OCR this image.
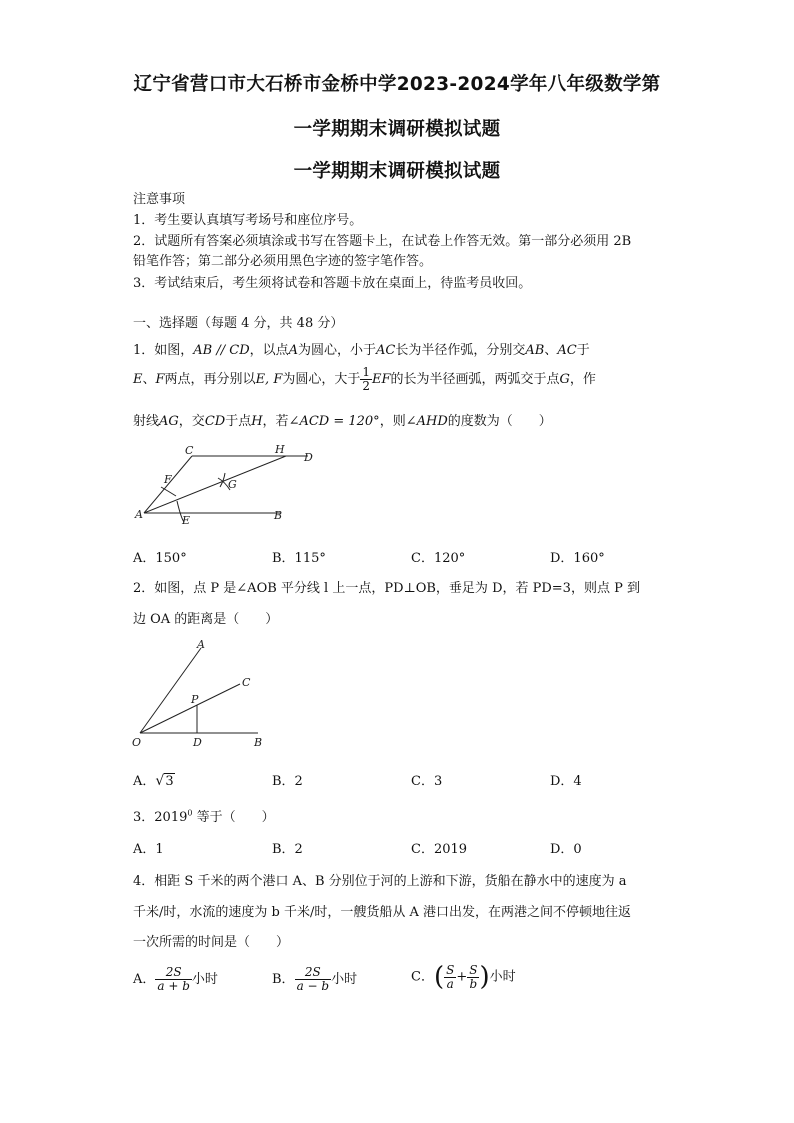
辽宁省营口市大石桥市金桥中学2023-2024学年八年级数学第
一学期期末调研模拟试题
一学期期末调研模拟试题
注意事项
1．考生要认真填写考场号和座位序号。
2．试题所有答案必须填涂或书写在答题卡上，在试卷上作答无效。第一部分必须用 2B
铅笔作答；第二部分必须用黑色字迹的签字笔作答。
3．考试结束后，考生须将试卷和答题卡放在桌面上，待监考员收回。
一、选择题（每题 4 分，共 48 分）
1．如图，AB // CD，以点A为圆心，小于AC长为半径作弧，分别交AB、AC于
E、F两点，再分别以E, F为圆心，大于 $\frac{1}{2}$ EF的长为半径画弧，两弧交于点G，作
射线AG，交CD于点H，若∠ACD = 120°，则∠AHD的度数为（　　）
A	B
C
D
E
F	G
H
A．150°	B．115°	C．120°	D．160°
2．如图，点 P 是∠AOB 平分线 l 上一点，PD⊥OB，垂足为 D，若 PD=3，则点 P 到
边 OA 的距离是（　　）
A
C
P
O	D	B
A．√3	B．2	C．3	D．4
3．2019$^0$ 等于（　　）
A．1	B．2	C．2019	D．0
4．相距 S 千米的两个港口 A、B 分别位于河的上游和下游，货船在静水中的速度为 a
千米/时，水流的速度为 b 千米/时，一艘货船从 A 港口出发，在两港之间不停顿地往返
一次所需的时间是（　　）
A． $\frac{2S}{a + b}$ 小时	B． $\frac{2S}{a - b}$ 小时	C．( $\frac{S}{a} + \frac{S}{b}$ )小时
